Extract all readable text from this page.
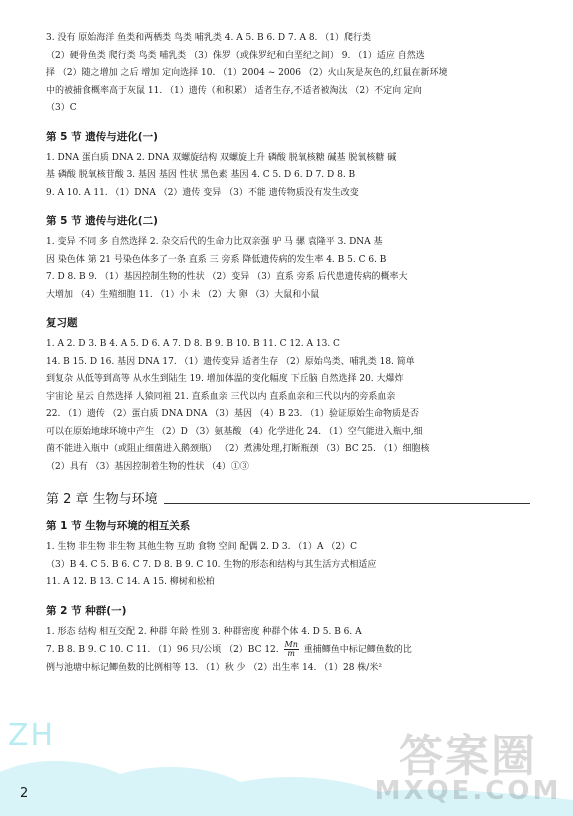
3. 没有 原始海洋 鱼类和两栖类 鸟类 哺乳类 4. A 5. B 6. D 7. A 8. （1）爬行类
（2）硬骨鱼类 爬行类 鸟类 哺乳类 （3）侏罗（或侏罗纪和白垩纪之间） 9. （1）适应 自然选
择 （2）随之增加 之后 增加 定向选择 10. （1）2004 ~ 2006 （2）火山灰是灰色的,红鼠在新环境
中的被捕食概率高于灰鼠 11. （1）遗传（和积累） 适者生存,不适者被淘汰 （2）不定向 定向
（3）C
第 5 节 遗传与进化(一)
1. DNA 蛋白质 DNA 2. DNA 双螺旋结构 双螺旋上升 磷酸 脱氧核糖 碱基 脱氧核糖 碱
基 磷酸 脱氧核苷酸 3. 基因 基因 性状 黑色素 基因 4. C 5. D 6. D 7. D 8. B
9. A 10. A 11. （1）DNA （2）遗传 变异 （3）不能 遗传物质没有发生改变
第 5 节 遗传与进化(二)
1. 变异 不同 多 自然选择 2. 杂交后代的生命力比双亲强 驴 马 骡 袁隆平 3. DNA 基
因 染色体 第 21 号染色体多了一条 直系 三 旁系 降低遗传病的发生率 4. B 5. C 6. B
7. D 8. B 9. （1）基因控制生物的性状 （2）变异 （3）直系 旁系 后代患遗传病的概率大
大增加 （4）生殖细胞 11. （1）小 未 （2）大 卵 （3）大鼠和小鼠
复习题
1. A 2. D 3. B 4. A 5. D 6. A 7. D 8. B 9. B 10. B 11. C 12. A 13. C
14. B 15. D 16. 基因 DNA 17. （1）遗传变异 适者生存 （2）原始鸟类、哺乳类 18. 简单
到复杂 从低等到高等 从水生到陆生 19. 增加体温的变化幅度 下丘脑 自然选择 20. 大爆炸
宇宙论 星云 自然选择 人猿同祖 21. 直系血亲 三代以内 直系血亲和三代以内的旁系血亲
22. （1）遗传 （2）蛋白质 DNA DNA （3）基因 （4）B 23. （1）验证原始生命物质是否
可以在原始地球环境中产生 （2）D （3）氨基酸 （4）化学进化 24. （1）空气能进入瓶中,细
菌不能进入瓶中（或阻止细菌进入鹅颈瓶） （2）煮沸处理,打断瓶颈 （3）BC 25. （1）细胞核
（2）具有 （3）基因控制着生物的性状 （4）①③
第 2 章 生物与环境
第 1 节 生物与环境的相互关系
1. 生物 非生物 非生物 其他生物 互助 食物 空间 配偶 2. D 3. （1）A （2）C
（3）B 4. C 5. B 6. C 7. D 8. B 9. C 10. 生物的形态和结构与其生活方式相适应
11. A 12. B 13. C 14. A 15. 柳树和松柏
第 2 节 种群(一)
1. 形态 结构 相互交配 2. 种群 年龄 性别 3. 种群密度 种群个体 4. D 5. B 6. A
7. B 8. B 9. C 10. C 11. （1）96 只/公顷 （2）BC 12. $\frac{Mn}{m}$ 重捕鲫鱼中标记鲫鱼数的比
例与池塘中标记鲫鱼数的比例相等 13. （1）秋 少 （2）出生率 14. （1）28 株/米²
ZH
2
答案圈
MXQE.COM
